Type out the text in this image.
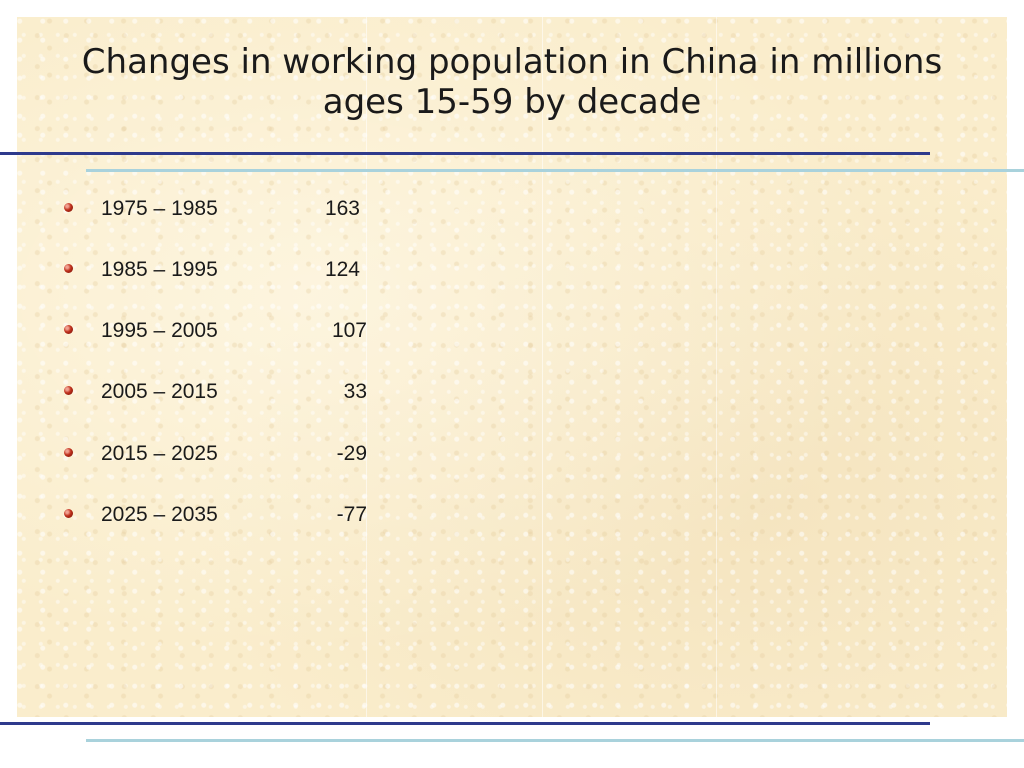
Changes in working population in China in millions ages 15-59 by decade
1975 – 1985	163
1985 – 1995	124
1995 – 2005	107
2005 – 2015	33
2015 – 2025	-29
2025 – 2035	-77
